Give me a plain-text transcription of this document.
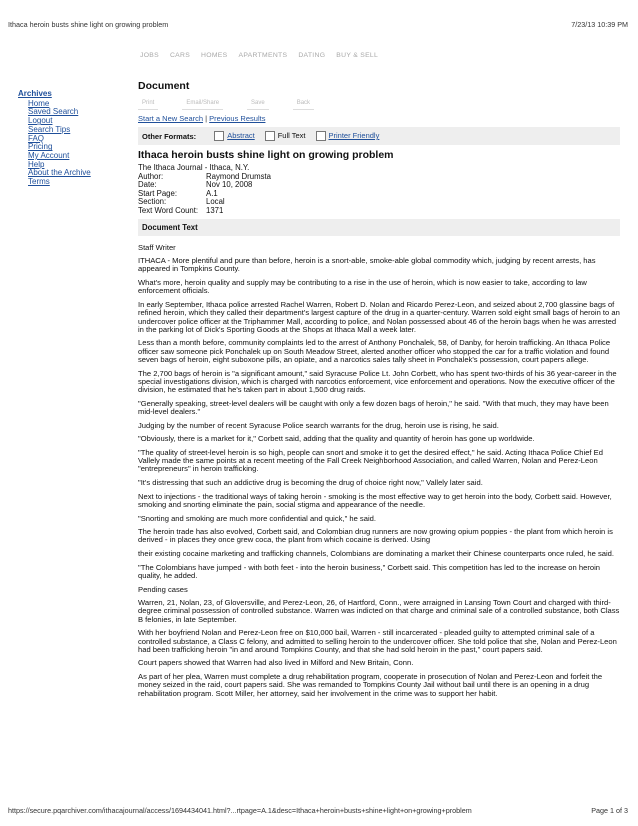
Ithaca heroin busts shine light on growing problem	7/23/13 10:39 PM
JOBS CARS HOMES APARTMENTS DATING BUY & SELL
Archives
Home
Saved Search
Logout
Search Tips
FAQ
Pricing
My Account
Help
About the Archive
Terms
Document
Print	Email/Share	Save	Back
Start a New Search | Previous Results
Other Formats:	Abstract	Full Text	Printer Friendly
Ithaca heroin busts shine light on growing problem
The Ithaca Journal - Ithaca, N.Y.
Author:	Raymond Drumsta
Date:	Nov 10, 2008
Start Page:	A.1
Section:	Local
Text Word Count:	1371
Document Text

Staff Writer

ITHACA - More plentiful and pure than before, heroin is a snort-able, smoke-able global commodity which, judging by recent arrests, has appeared in Tompkins County.

What's more, heroin quality and supply may be contributing to a rise in the use of heroin, which is now easier to take, according to law enforcement officials.

In early September, Ithaca police arrested Rachel Warren, Robert D. Nolan and Ricardo Perez-Leon, and seized about 2,700 glassine bags of refined heroin, which they called their department's largest capture of the drug in a quarter-century. Warren sold eight small bags of heroin to an undercover police officer at the Triphammer Mall, according to police, and Nolan possessed about 46 of the heroin bags when he was arrested in the parking lot of Dick's Sporting Goods at the Shops at Ithaca Mall a week later.

Less than a month before, community complaints led to the arrest of Anthony Ponchalek, 58, of Danby, for heroin trafficking. An Ithaca Police officer saw someone pick Ponchalek up on South Meadow Street, alerted another officer who stopped the car for a traffic violation and found seven bags of heroin, eight suboxone pills, an opiate, and a narcotics sales tally sheet in Ponchalek's possession, court papers allege.

The 2,700 bags of heroin is "a significant amount," said Syracuse Police Lt. John Corbett, who has spent two-thirds of his 36 year-career in the special investigations division, which is charged with narcotics enforcement, vice enforcement and operations. Now the executive officer of the division, he estimated that he's taken part in about 1,500 drug raids.

"Generally speaking, street-level dealers will be caught with only a few dozen bags of heroin," he said. "With that much, they may have been mid-level dealers."

Judging by the number of recent Syracuse Police search warrants for the drug, heroin use is rising, he said.

"Obviously, there is a market for it," Corbett said, adding that the quality and quantity of heroin has gone up worldwide.

"The quality of street-level heroin is so high, people can snort and smoke it to get the desired effect," he said. Acting Ithaca Police Chief Ed Vallely made the same points at a recent meeting of the Fall Creek Neighborhood Association, and called Warren, Nolan and Perez-Leon "entrepreneurs" in heroin trafficking.

"It's distressing that such an addictive drug is becoming the drug of choice right now," Vallely later said.

Next to injections - the traditional ways of taking heroin - smoking is the most effective way to get heroin into the body, Corbett said. However, smoking and snorting eliminate the pain, social stigma and appearance of the needle.

"Snorting and smoking are much more confidential and quick," he said.

The heroin trade has also evolved, Corbett said, and Colombian drug runners are now growing opium poppies - the plant from which heroin is derived - in places they once grew coca, the plant from which cocaine is derived. Using

their existing cocaine marketing and trafficking channels, Colombians are dominating a market their Chinese counterparts once ruled, he said.

"The Colombians have jumped - with both feet - into the heroin business," Corbett said. This competition has led to the increase on heroin quality, he added.

Pending cases

Warren, 21, Nolan, 23, of Gloversville, and Perez-Leon, 26, of Hartford, Conn., were arraigned in Lansing Town Court and charged with third-degree criminal possession of controlled substance. Warren was indicted on that charge and criminal sale of a controlled substance, both Class B felonies, in late September.

With her boyfriend Nolan and Perez-Leon free on $10,000 bail, Warren - still incarcerated - pleaded guilty to attempted criminal sale of a controlled substance, a Class C felony, and admitted to selling heroin to the undercover officer. She told police that she, Nolan and Perez-Leon had been trafficking heroin "in and around Tompkins County, and that she had sold heroin in the past," court papers said.

Court papers showed that Warren had also lived in Milford and New Britain, Conn.

As part of her plea, Warren must complete a drug rehabilitation program, cooperate in prosecution of Nolan and Perez-Leon and forfeit the money seized in the raid, court papers said. She was remanded to Tompkins County Jail without bail until there is an opening in a drug rehabilitation program. Scott Miller, her attorney, said her involvement in the crime was to support her habit.

https://secure.pqarchiver.com/ithacajournal/access/1694434041.html?...rtpage=A.1&desc=Ithaca+heroin+busts+shine+light+on+growing+problem	Page 1 of 3
